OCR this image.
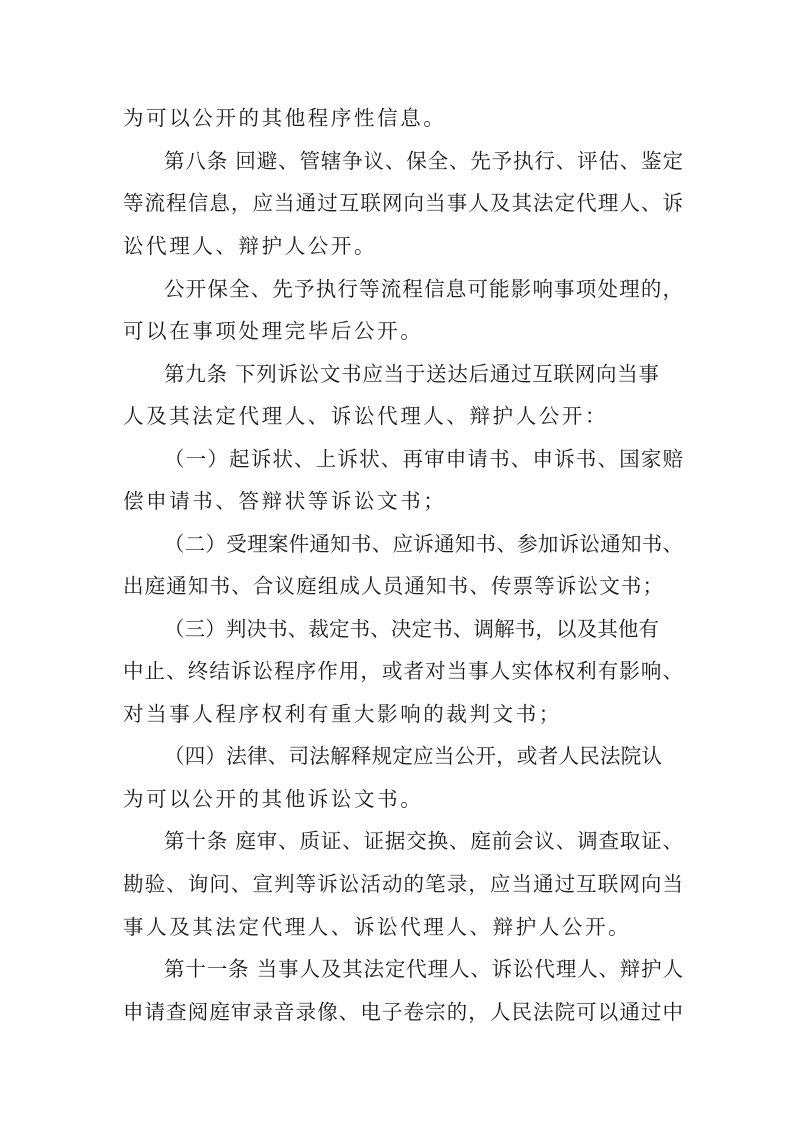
为可以公开的其他程序性信息。
第八条 回避、管辖争议、保全、先予执行、评估、鉴定
等流程信息，应当通过互联网向当事人及其法定代理人、诉
讼代理人、辩护人公开。
公开保全、先予执行等流程信息可能影响事项处理的，
可以在事项处理完毕后公开。
第九条 下列诉讼文书应当于送达后通过互联网向当事
人及其法定代理人、诉讼代理人、辩护人公开：
（一）起诉状、上诉状、再审申请书、申诉书、国家赔
偿申请书、答辩状等诉讼文书；
（二）受理案件通知书、应诉通知书、参加诉讼通知书、
出庭通知书、合议庭组成人员通知书、传票等诉讼文书；
（三）判决书、裁定书、决定书、调解书，以及其他有
中止、终结诉讼程序作用，或者对当事人实体权利有影响、
对当事人程序权利有重大影响的裁判文书；
（四）法律、司法解释规定应当公开，或者人民法院认
为可以公开的其他诉讼文书。
第十条 庭审、质证、证据交换、庭前会议、调查取证、
勘验、询问、宣判等诉讼活动的笔录，应当通过互联网向当
事人及其法定代理人、诉讼代理人、辩护人公开。
第十一条 当事人及其法定代理人、诉讼代理人、辩护人
申请查阅庭审录音录像、电子卷宗的，人民法院可以通过中
